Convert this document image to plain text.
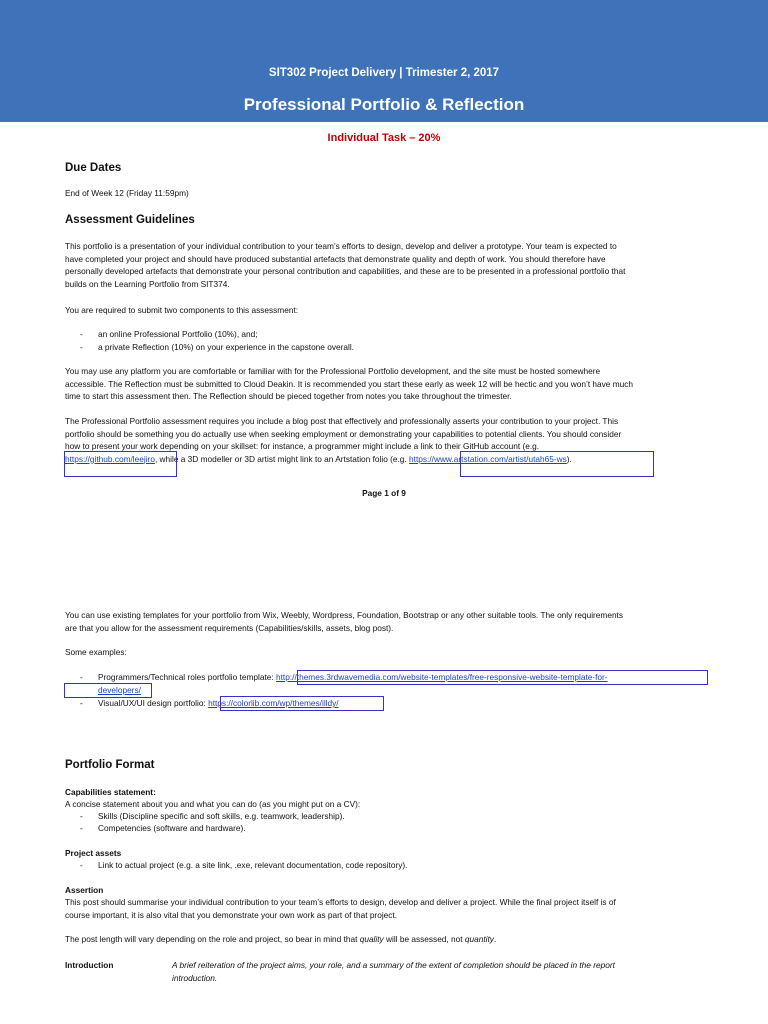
SIT302 Project Delivery | Trimester 2, 2017
Professional Portfolio & Reflection
Individual Task – 20%
Due Dates
End of Week 12 (Friday 11:59pm)
Assessment Guidelines
This portfolio is a presentation of your individual contribution to your team’s efforts to design, develop and deliver a prototype. Your team is expected to
have completed your project and should have produced substantial artefacts that demonstrate quality and depth of work. You should therefore have
personally developed artefacts that demonstrate your personal contribution and capabilities, and these are to be presented in a professional portfolio that
builds on the Learning Portfolio from SIT374.
You are required to submit two components to this assessment:
- an online Professional Portfolio (10%), and;
- a private Reflection (10%) on your experience in the capstone overall.
You may use any platform you are comfortable or familiar with for the Professional Portfolio development, and the site must be hosted somewhere
accessible. The Reflection must be submitted to Cloud Deakin. It is recommended you start these early as week 12 will be hectic and you won’t have much
time to start this assessment then. The Reflection should be pieced together from notes you take throughout the trimester.
The Professional Portfolio assessment requires you include a blog post that effectively and professionally asserts your contribution to your project. This
portfolio should be something you do actually use when seeking employment or demonstrating your capabilities to potential clients. You should consider
how to present your work depending on your skillset: for instance, a programmer might include a link to their GitHub account (e.g.
https://github.com/leejiro, while a 3D modeller or 3D artist might link to an Artstation folio (e.g. https://www.artstation.com/artist/utah65-ws).
Page 1 of 9
You can use existing templates for your portfolio from Wix, Weebly, Wordpress, Foundation, Bootstrap or any other suitable tools. The only requirements
are that you allow for the assessment requirements (Capabilities/skills, assets, blog post).
Some examples:
- Programmers/Technical roles portfolio template: http://themes.3rdwavemedia.com/website-templates/free-responsive-website-template-for-
developers/
- Visual/UX/UI design portfolio: https://colorlib.com/wp/themes/illdy/
Portfolio Format
Capabilities statement:
A concise statement about you and what you can do (as you might put on a CV):
- Skills (Discipline specific and soft skills, e.g. teamwork, leadership).
- Competencies (software and hardware).
Project assets
- Link to actual project (e.g. a site link, .exe, relevant documentation, code repository).
Assertion
This post should summarise your individual contribution to your team’s efforts to design, develop and deliver a project. While the final project itself is of
course important, it is also vital that you demonstrate your own work as part of that project.
The post length will vary depending on the role and project, so bear in mind that quality will be assessed, not quantity.
Introduction	A brief reiteration of the project aims, your role, and a summary of the extent of completion should be placed in the report
introduction.
